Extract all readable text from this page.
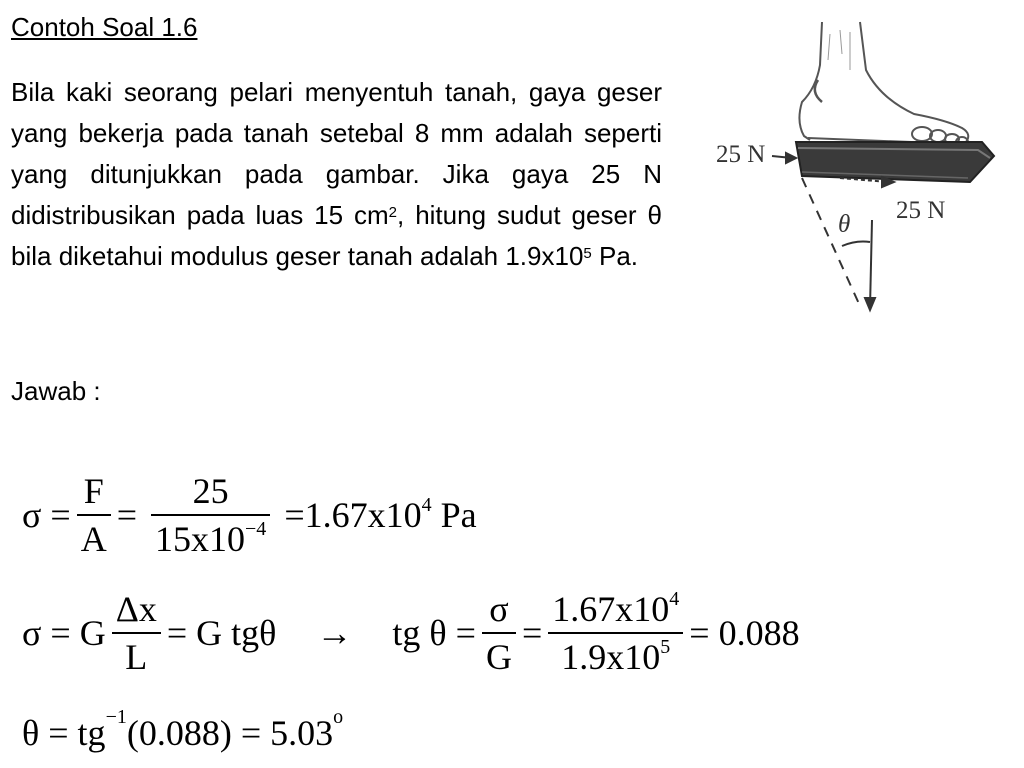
Contoh Soal 1.6
Bila kaki seorang pelari menyentuh tanah, gaya geser yang bekerja pada tanah setebal 8 mm adalah seperti yang ditunjukkan pada gambar. Jika gaya 25 N didistribusikan pada luas 15 $cm^2$, hitung sudut geser θ bila diketahui modulus geser tanah adalah $1.9x10^5$ Pa.
Jawab :
25 N
25 N
θ
$\sigma = \frac{F}{A} = \frac{25}{15x10^{-4}} = 1.67x10^4$ Pa
σ = G $\frac{\Delta x}{L} = G$ tgθ → tg $\theta = \frac{\sigma}{G} = \frac{1.67x10^4}{1.9x10^5} = 0.088$
θ = tg −1 (0.088) = 5.03 o
